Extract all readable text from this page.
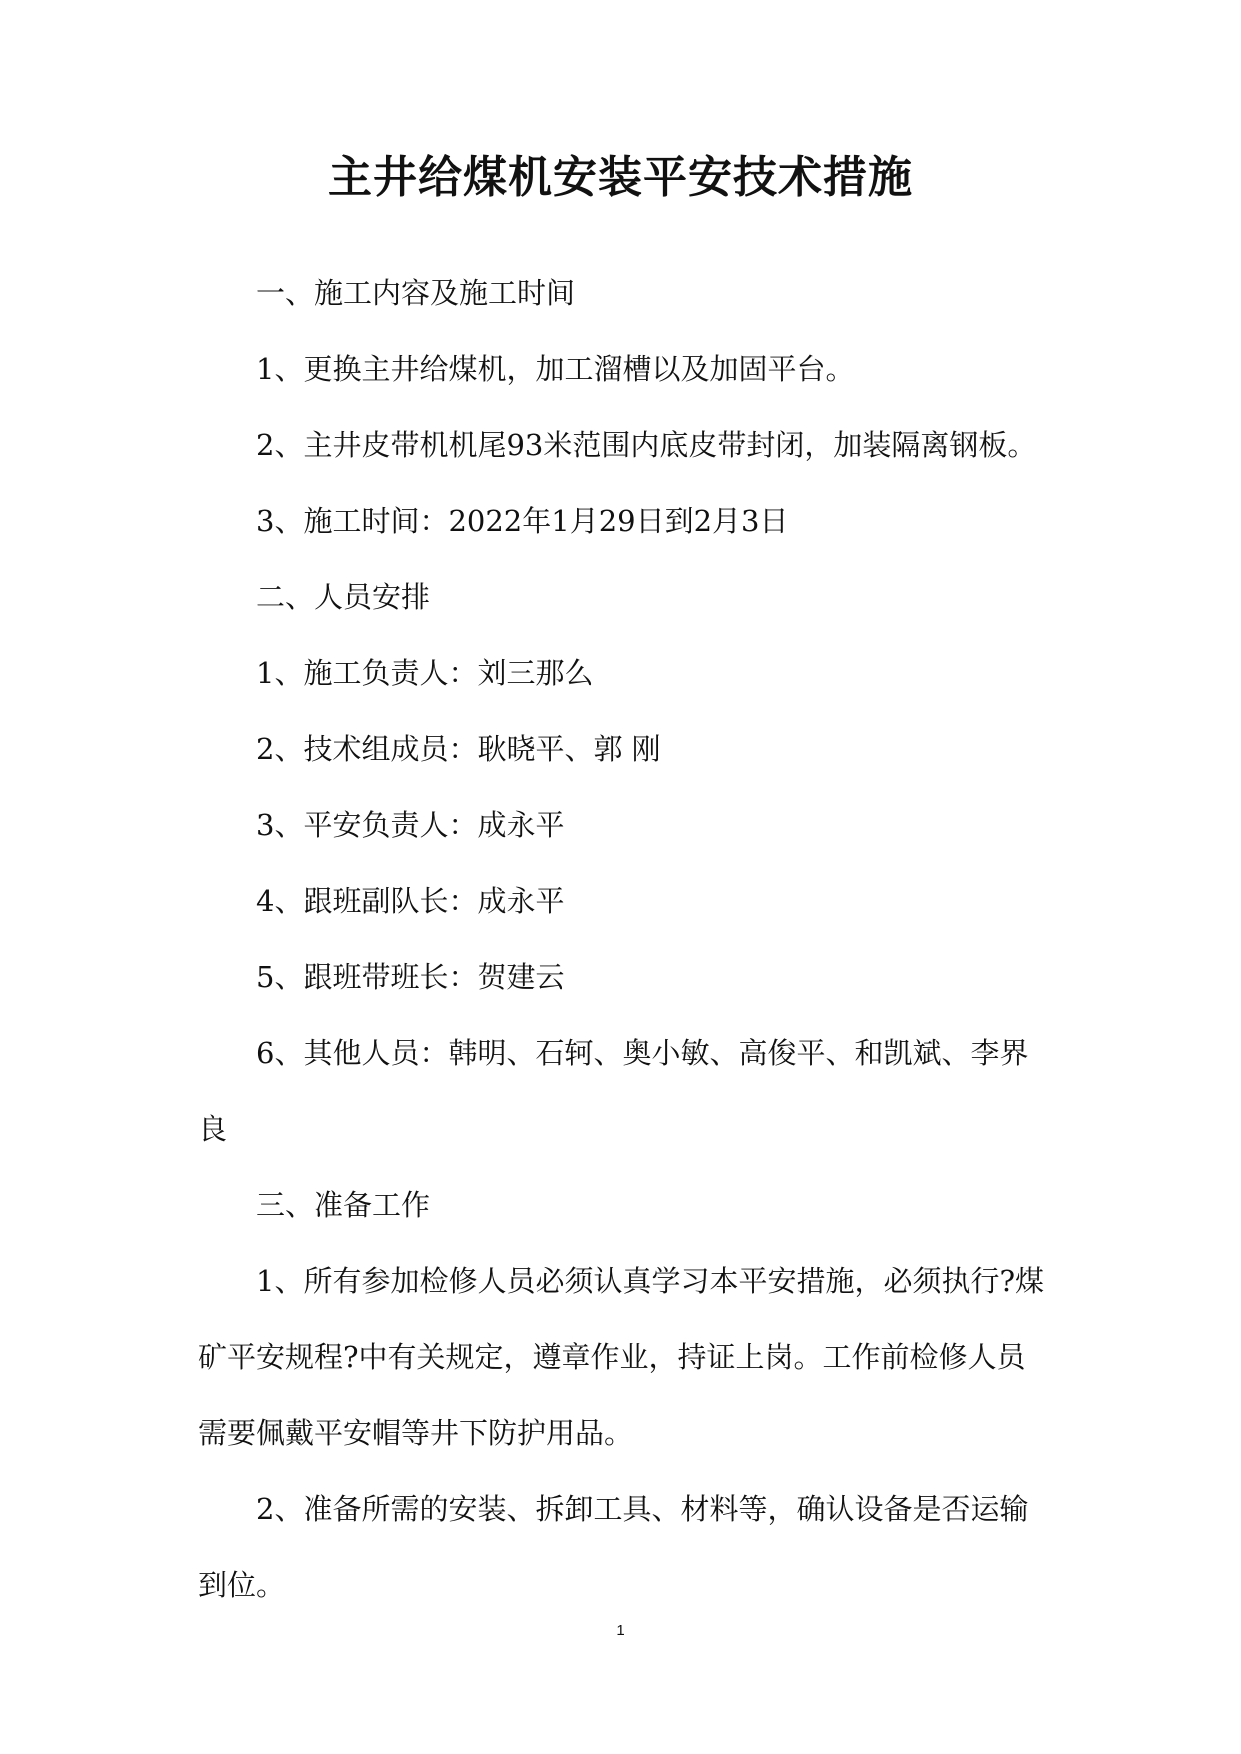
主井给煤机安装平安技术措施

一、施工内容及施工时间

1、更换主井给煤机，加工溜槽以及加固平台。

2、主井皮带机机尾93米范围内底皮带封闭，加装隔离钢板。

3、施工时间：2022年1月29日到2月3日

二、人员安排

1、施工负责人：刘三那么

2、技术组成员：耿晓平、郭 刚

3、平安负责人：成永平

4、跟班副队长：成永平

5、跟班带班长：贺建云

6、其他人员：韩明、石轲、奥小敏、高俊平、和凯斌、李界良

三、准备工作

1、所有参加检修人员必须认真学习本平安措施，必须执行?煤矿平安规程?中有关规定，遵章作业，持证上岗。工作前检修人员需要佩戴平安帽等井下防护用品。

2、准备所需的安装、拆卸工具、材料等，确认设备是否运输到位。

1
